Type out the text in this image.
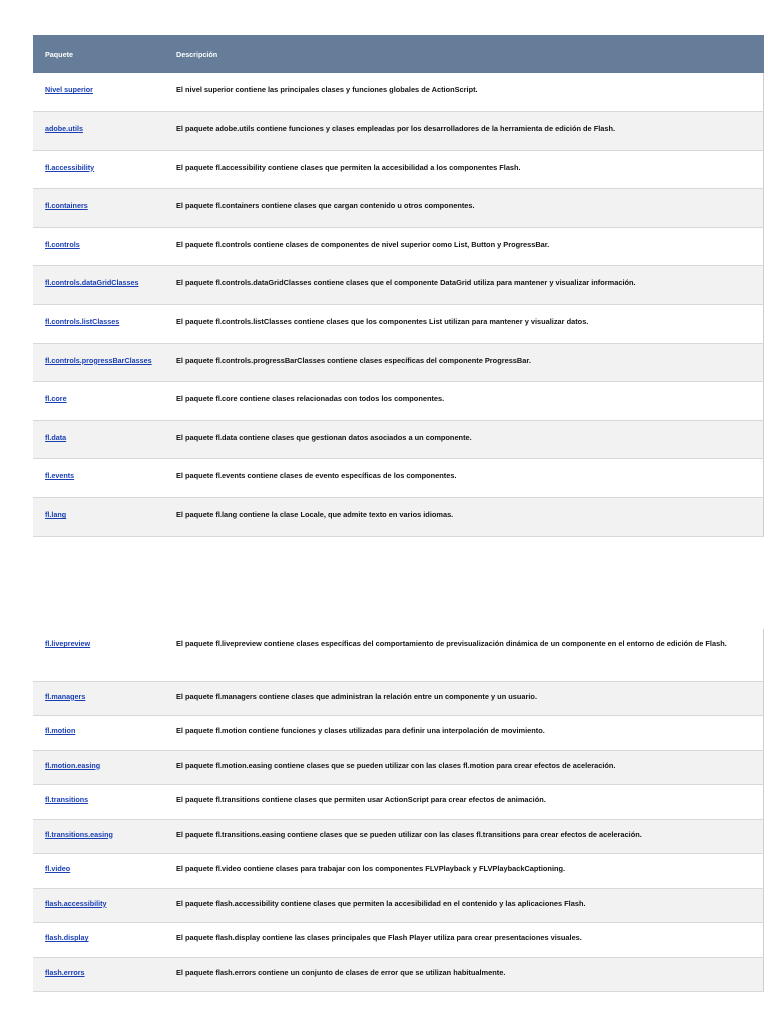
Paquete	Descripción
Nivel superior	El nivel superior contiene las principales clases y funciones globales de ActionScript.
adobe.utils	El paquete adobe.utils contiene funciones y clases empleadas por los desarrolladores de la herramienta de edición de Flash.
fl.accessibility	El paquete fl.accessibility contiene clases que permiten la accesibilidad a los componentes Flash.
fl.containers	El paquete fl.containers contiene clases que cargan contenido u otros componentes.
fl.controls	El paquete fl.controls contiene clases de componentes de nivel superior como List, Button y ProgressBar.
fl.controls.dataGridClasses	El paquete fl.controls.dataGridClasses contiene clases que el componente DataGrid utiliza para mantener y visualizar información.
fl.controls.listClasses	El paquete fl.controls.listClasses contiene clases que los componentes List utilizan para mantener y visualizar datos.
fl.controls.progressBarClasses	El paquete fl.controls.progressBarClasses contiene clases específicas del componente ProgressBar.
fl.core	El paquete fl.core contiene clases relacionadas con todos los componentes.
fl.data	El paquete fl.data contiene clases que gestionan datos asociados a un componente.
fl.events	El paquete fl.events contiene clases de evento específicas de los componentes.
fl.lang	El paquete fl.lang contiene la clase Locale, que admite texto en varios idiomas.
fl.livepreview	El paquete fl.livepreview contiene clases específicas del comportamiento de previsualización dinámica de un componente en el entorno de edición de Flash.
fl.managers	El paquete fl.managers contiene clases que administran la relación entre un componente y un usuario.
fl.motion	El paquete fl.motion contiene funciones y clases utilizadas para definir una interpolación de movimiento.
fl.motion.easing	El paquete fl.motion.easing contiene clases que se pueden utilizar con las clases fl.motion para crear efectos de aceleración.
fl.transitions	El paquete fl.transitions contiene clases que permiten usar ActionScript para crear efectos de animación.
fl.transitions.easing	El paquete fl.transitions.easing contiene clases que se pueden utilizar con las clases fl.transitions para crear efectos de aceleración.
fl.video	El paquete fl.video contiene clases para trabajar con los componentes FLVPlayback y FLVPlaybackCaptioning.
flash.accessibility	El paquete flash.accessibility contiene clases que permiten la accesibilidad en el contenido y las aplicaciones Flash.
flash.display	El paquete flash.display contiene las clases principales que Flash Player utiliza para crear presentaciones visuales.
flash.errors	El paquete flash.errors contiene un conjunto de clases de error que se utilizan habitualmente.
